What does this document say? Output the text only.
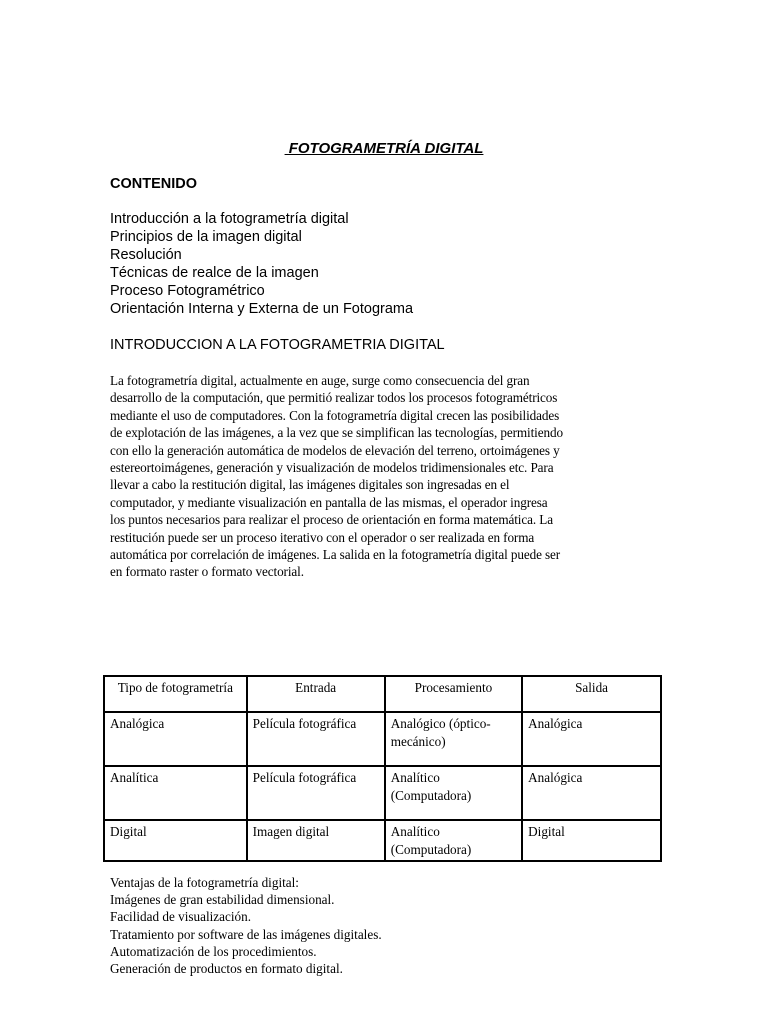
FOTOGRAMETRÍA DIGITAL
CONTENIDO
Introducción a la fotogrametría digital
Principios de la imagen digital
Resolución
Técnicas de realce de la imagen
Proceso Fotogramétrico
Orientación Interna y Externa de un Fotograma
INTRODUCCION A LA FOTOGRAMETRIA DIGITAL
La fotogrametría digital, actualmente en auge, surge como consecuencia del gran
desarrollo de la computación, que permitió realizar todos los procesos fotogramétricos
mediante el uso de computadores. Con la fotogrametría digital crecen las posibilidades
de explotación de las imágenes, a la vez que se simplifican las tecnologías, permitiendo
con ello la generación automática de modelos de elevación del terreno, ortoimágenes y
estereortoimágenes, generación y visualización de modelos tridimensionales etc. Para
llevar a cabo la restitución digital, las imágenes digitales son ingresadas en el
computador, y mediante visualización en pantalla de las mismas, el operador ingresa
los puntos necesarios para realizar el proceso de orientación en forma matemática. La
restitución puede ser un proceso iterativo con el operador o ser realizada en forma
automática por correlación de imágenes. La salida en la fotogrametría digital puede ser
en formato raster o formato vectorial.
Tipo de fotogrametría	Entrada	Procesamiento	Salida
Analógica	Película fotográfica	Analógico (óptico-mecánico)	Analógica
Analítica	Película fotográfica	Analítico (Computadora)	Analógica
Digital	Imagen digital	Analítico (Computadora)	Digital
Ventajas de la fotogrametría digital:
Imágenes de gran estabilidad dimensional.
Facilidad de visualización.
Tratamiento por software de las imágenes digitales.
Automatización de los procedimientos.
Generación de productos en formato digital.
